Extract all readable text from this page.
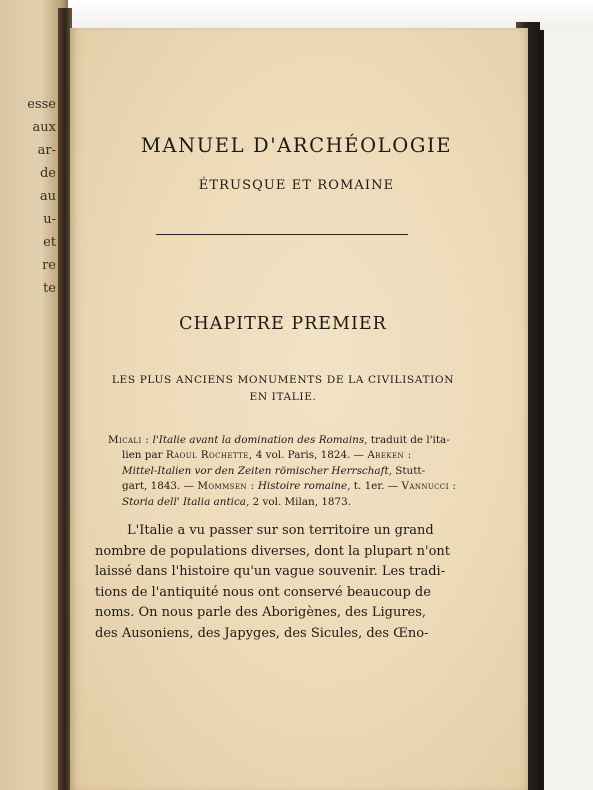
esse
aux
ar-
de
au
u-
et
re
te
MANUEL D'ARCHÉOLOGIE
ÉTRUSQUE ET ROMAINE
CHAPITRE PREMIER
LES PLUS ANCIENS MONUMENTS DE LA CIVILISATION
EN ITALIE.
Micali : l'Italie avant la domination des Romains, traduit de l'ita-
lien par Raoul Rochette, 4 vol. Paris, 1824. — Abeken :
Mittel-Italien vor den Zeiten römischer Herrschaft, Stutt-
gart, 1843. — Mommsen : Histoire romaine, t. 1er. — Vannucci :
Storia dell' Italia antica, 2 vol. Milan, 1873.
L'Italie a vu passer sur son territoire un grand
nombre de populations diverses, dont la plupart n'ont
laissé dans l'histoire qu'un vague souvenir. Les tradi-
tions de l'antiquité nous ont conservé beaucoup de
noms. On nous parle des Aborigènes, des Ligures,
des Ausoniens, des Japyges, des Sicules, des Œno-
